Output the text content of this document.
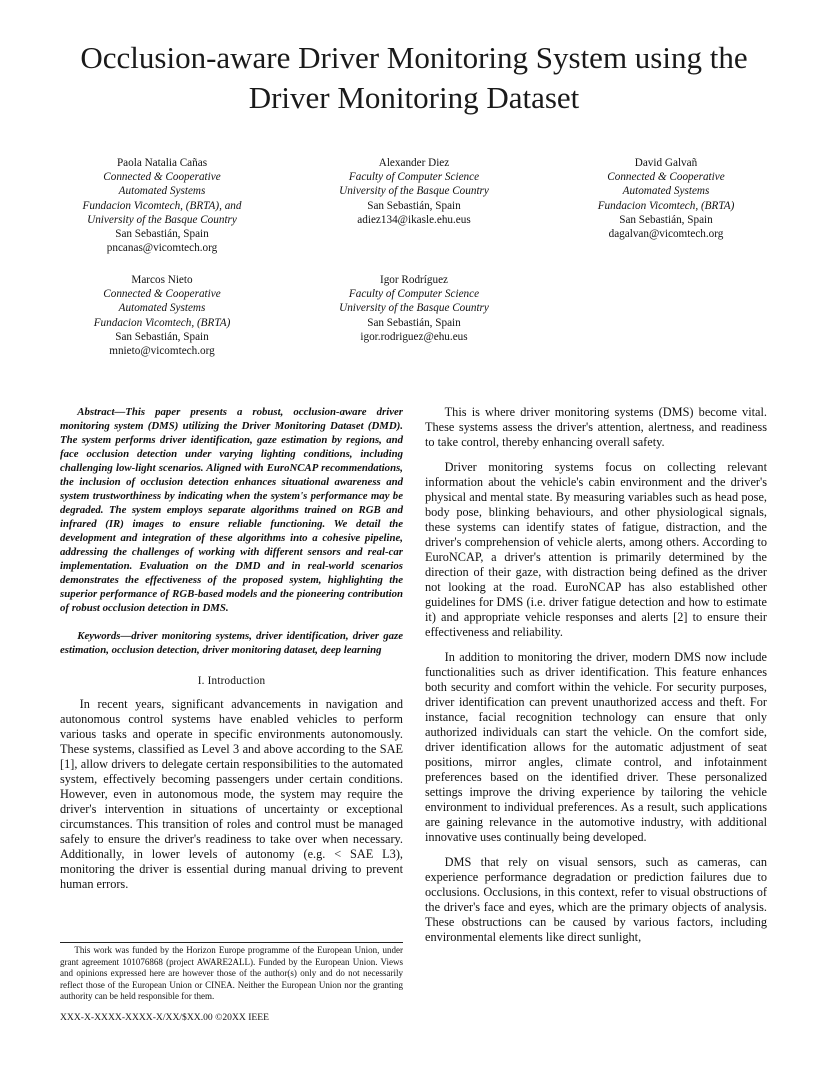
Occlusion-aware Driver Monitoring System using the Driver Monitoring Dataset
Paola Natalia Cañas
Connected & Cooperative
Automated Systems
Fundacion Vicomtech, (BRTA), and
University of the Basque Country
San Sebastián, Spain
pncanas@vicomtech.org
Alexander Diez
Faculty of Computer Science
University of the Basque Country
San Sebastián, Spain
adiez134@ikasle.ehu.eus
David Galvañ
Connected & Cooperative
Automated Systems
Fundacion Vicomtech, (BRTA)
San Sebastián, Spain
dagalvan@vicomtech.org
Marcos Nieto
Connected & Cooperative
Automated Systems
Fundacion Vicomtech, (BRTA)
San Sebastián, Spain
mnieto@vicomtech.org
Igor Rodríguez
Faculty of Computer Science
University of the Basque Country
San Sebastián, Spain
igor.rodriguez@ehu.eus

Abstract—This paper presents a robust, occlusion-aware driver monitoring system (DMS) utilizing the Driver Monitoring Dataset (DMD). The system performs driver identification, gaze estimation by regions, and face occlusion detection under varying lighting conditions, including challenging low-light scenarios. Aligned with EuroNCAP recommendations, the inclusion of occlusion detection enhances situational awareness and system trustworthiness by indicating when the system's performance may be degraded. The system employs separate algorithms trained on RGB and infrared (IR) images to ensure reliable functioning. We detail the development and integration of these algorithms into a cohesive pipeline, addressing the challenges of working with different sensors and real-car implementation. Evaluation on the DMD and in real-world scenarios demonstrates the effectiveness of the proposed system, highlighting the superior performance of RGB-based models and the pioneering contribution of robust occlusion detection in DMS.

Keywords—driver monitoring systems, driver identification, driver gaze estimation, occlusion detection, driver monitoring dataset, deep learning

I. Introduction

In recent years, significant advancements in navigation and autonomous control systems have enabled vehicles to perform various tasks and operate in specific environments autonomously. These systems, classified as Level 3 and above according to the SAE [1], allow drivers to delegate certain responsibilities to the automated system, effectively becoming passengers under certain conditions. However, even in autonomous mode, the system may require the driver's intervention in situations of uncertainty or exceptional circumstances. This transition of roles and control must be managed safely to ensure the driver's readiness to take over when necessary. Additionally, in lower levels of autonomy (e.g. < SAE L3), monitoring the driver is essential during manual driving to prevent human errors.

This is where driver monitoring systems (DMS) become vital. These systems assess the driver's attention, alertness, and readiness to take control, thereby enhancing overall safety.

Driver monitoring systems focus on collecting relevant information about the vehicle's cabin environment and the driver's physical and mental state. By measuring variables such as head pose, body pose, blinking behaviours, and other physiological signals, these systems can identify states of fatigue, distraction, and the driver's comprehension of vehicle alerts, among others. According to EuroNCAP, a driver's attention is primarily determined by the direction of their gaze, with distraction being defined as the driver not looking at the road. EuroNCAP has also established other guidelines for DMS (i.e. driver fatigue detection and how to estimate it) and appropriate vehicle responses and alerts [2] to ensure their effectiveness and reliability.

In addition to monitoring the driver, modern DMS now include functionalities such as driver identification. This feature enhances both security and comfort within the vehicle. For security purposes, driver identification can prevent unauthorized access and theft. For instance, facial recognition technology can ensure that only authorized individuals can start the vehicle. On the comfort side, driver identification allows for the automatic adjustment of seat positions, mirror angles, climate control, and infotainment preferences based on the identified driver. These personalized settings improve the driving experience by tailoring the vehicle environment to individual preferences. As a result, such applications are gaining relevance in the automotive industry, with additional innovative uses continually being developed.

DMS that rely on visual sensors, such as cameras, can experience performance degradation or prediction failures due to occlusions. Occlusions, in this context, refer to visual obstructions of the driver's face and eyes, which are the primary objects of analysis. These obstructions can be caused by various factors, including environmental elements like direct sunlight,

This work was funded by the Horizon Europe programme of the European Union, under grant agreement 101076868 (project AWARE2ALL). Funded by the European Union. Views and opinions expressed here are however those of the author(s) only and do not necessarily reflect those of the European Union or CINEA. Neither the European Union nor the granting authority can be held responsible for them.

XXX-X-XXXX-XXXX-X/XX/$XX.00 ©20XX IEEE
